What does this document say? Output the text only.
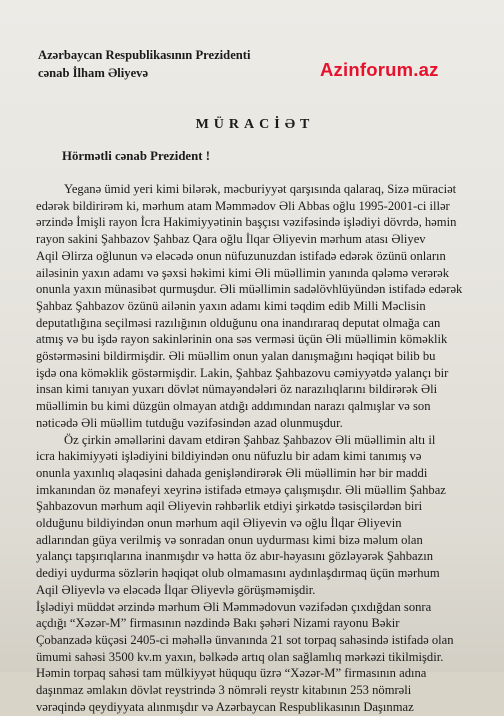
Azərbaycan Respublikasının Prezidenti
cənab İlham Əliyevə	Azinforum.az
MÜRACİƏT
Hörmətli cənab Prezident !

Yeganə ümid yeri kimi bilərək, məcburiyyət qarşısında qalaraq, Sizə müraciət
edərək bildirirəm ki, mərhum atam Məmmədov Əli Abbas oğlu 1995-2001-ci illər
ərzində İmişli rayon İcra Hakimiyyətinin başçısı vəzifəsində işlədiyi dövrdə, həmin
rayon sakini Şahbazov Şahbaz Qara oğlu İlqar Əliyevin mərhum atası Əliyev
Aqil Əlirza oğlunun və eləcədə onun nüfuzunuzdan istifadə edərək özünü onların
ailəsinin yaxın adamı və şəxsi həkimi kimi Əli müəllimin yanında qələmə verərək
onunla yaxın münasibət qurmuşdur. Əli müəllimin sadəlövhlüyündən istifadə edərək
Şahbaz Şahbazov özünü ailənin yaxın adamı kimi təqdim edib Milli Məclisin
deputatlığına seçilməsi razılığının olduğunu ona inandıraraq deputat olmağa can
atmış və bu işdə rayon sakinlərinin ona səs verməsi üçün Əli müəllimin köməklik
göstərməsini bildirmişdir. Əli müəllim onun yalan danışmağını həqiqət bilib bu
işdə ona köməklik göstərmişdir. Lakin, Şahbaz Şahbazovu cəmiyyətdə yalançı bir
insan kimi tanıyan yuxarı dövlət nümayəndələri öz narazılıqlarını bildirərək Əli
müəllimin bu kimi düzgün olmayan atdığı addımından narazı qalmışlar və son
nəticədə Əli müəllim tutduğu vəzifəsindən azad olunmuşdur.

Öz çirkin əməllərini davam etdirən Şahbaz Şahbazov Əli müəllimin altı il
icra hakimiyyəti işlədiyini bildiyindən onu nüfuzlu bir adam kimi tanımış və
onunla yaxınlıq əlaqəsini dahada genişləndirərək Əli müəllimin hər bir maddi
imkanından öz mənafeyi xeyrinə istifadə etməyə çalışmışdır. Əli müəllim Şahbaz
Şahbazovun mərhum aqil Əliyevin rəhbərlik etdiyi şirkətdə təsisçilərdən biri
olduğunu bildiyindən onun mərhum aqil Əliyevin və oğlu İlqar Əliyevin
adlarından güya verilmiş və sonradan onun uydurması kimi bizə məlum olan
yalançı tapşırıqlarına inanmışdır və hətta öz abır-həyasını gözləyərək Şahbazın
dediyi uydurma sözlərin həqiqət olub olmamasını aydınlaşdırmaq üçün mərhum
Aqil Əliyevlə və eləcədə İlqar Əliyevlə görüşməmişdir.

İşlədiyi müddət ərzində mərhum Əli Məmmədovun vəzifədən çıxdığdan sonra
açdığı “Xəzər-M” firmasının nəzdində Bakı şəhəri Nizami rayonu Bəkir
Çobanzadə küçəsi 2405-ci məhəllə ünvanında 21 sot torpaq sahəsində istifadə olan
ümumi sahəsi 3500 kv.m yaxın, bəlkədə artıq olan sağlamlıq mərkəzi tikilmişdir.
Həmin torpaq sahəsi tam mülkiyyət hüququ üzrə “Xəzər-M” firmasının adına
daşınmaz əmlakın dövlət reystrində 3 nömrəli reystr kitabının 253 nömrəli
vərəqində qeydiyyata alınmışdır və Azərbaycan Respublikasının Daşınmaz
